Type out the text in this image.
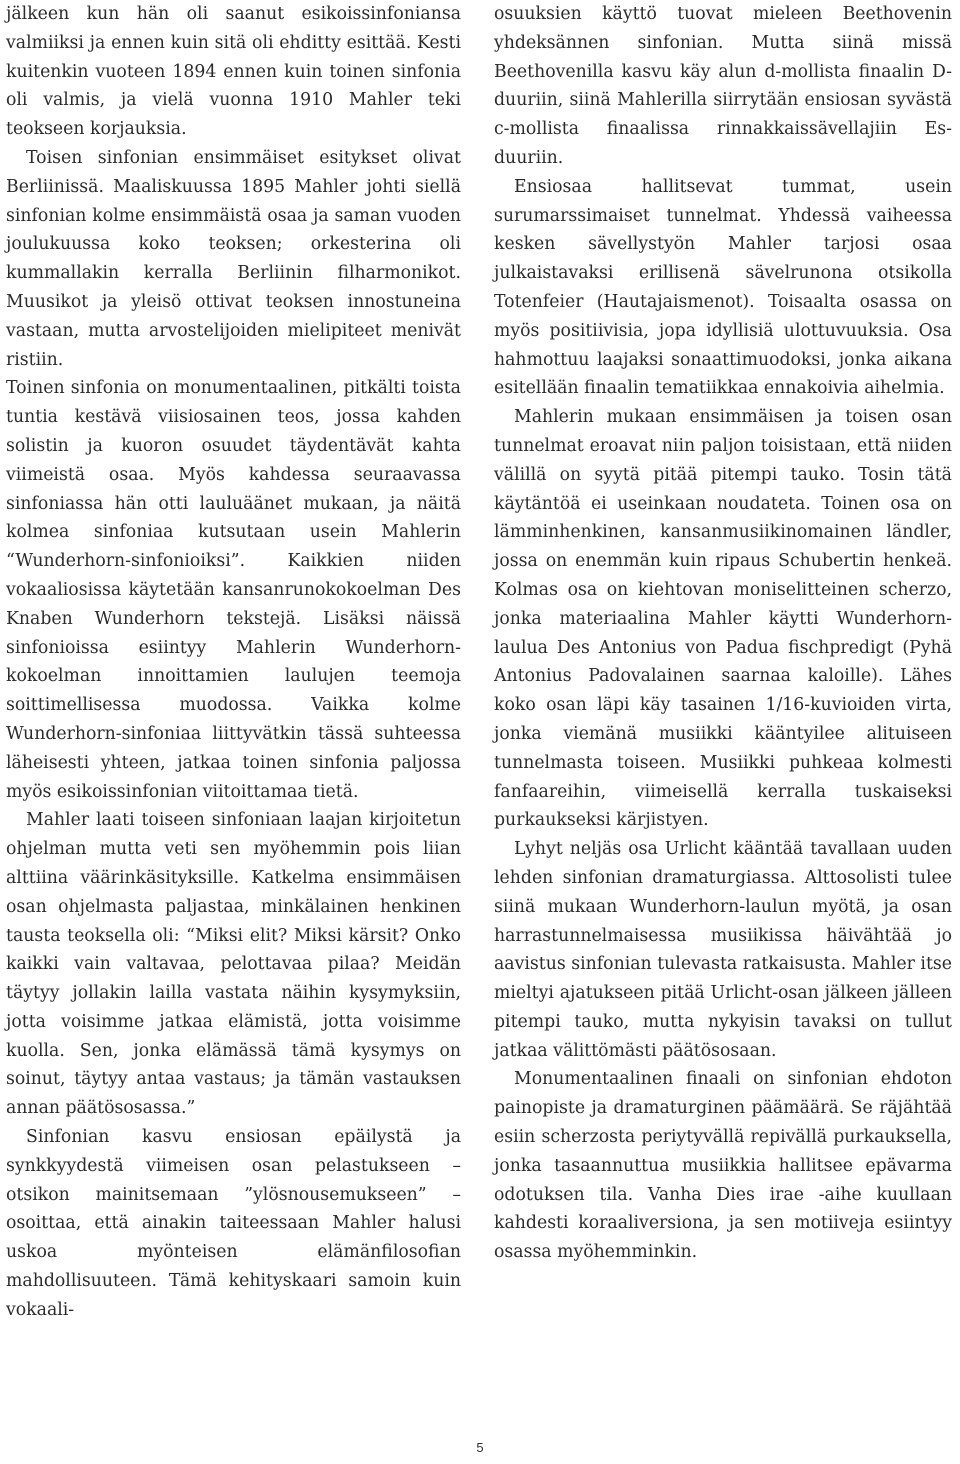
jälkeen kun hän oli saanut esikoissinfoniansa valmiiksi ja ennen kuin sitä oli ehditty esittää. Kesti kuitenkin vuoteen 1894 ennen kuin toinen sinfonia oli valmis, ja vielä vuonna 1910 Mahler teki teokseen korjauksia.

Toisen sinfonian ensimmäiset esitykset olivat Berliinissä. Maaliskuussa 1895 Mahler johti siellä sinfonian kolme ensimmäistä osaa ja saman vuoden joulukuussa koko teoksen; orkesterina oli kummallakin kerralla Berliinin filharmonikot. Muusikot ja yleisö ottivat teoksen innostuneina vastaan, mutta arvostelijoiden mielipiteet menivät ristiin.

Toinen sinfonia on monumentaalinen, pitkälti toista tuntia kestävä viisiosainen teos, jossa kahden solistin ja kuoron osuudet täydentävät kahta viimeistä osaa. Myös kahdessa seuraavassa sinfoniassa hän otti lauluäänet mukaan, ja näitä kolmea sinfoniaa kutsutaan usein Mahlerin “Wunderhorn-sinfonioiksi”. Kaikkien niiden vokaaliosissa käytetään kansanrunokokoelman Des Knaben Wunderhorn tekstejä. Lisäksi näissä sinfonioissa esiintyy Mahlerin Wunderhorn-kokoelman innoittamien laulujen teemoja soittimellisessa muodossa. Vaikka kolme Wunderhorn-sinfoniaa liittyvätkin tässä suhteessa läheisesti yhteen, jatkaa toinen sinfonia paljossa myös esikoissinfonian viitoittamaa tietä.

Mahler laati toiseen sinfoniaan laajan kirjoitetun ohjelman mutta veti sen myöhemmin pois liian alttiina väärinkäsityksille. Katkelma ensimmäisen osan ohjelmasta paljastaa, minkälainen henkinen tausta teoksella oli: “Miksi elit? Miksi kärsit? Onko kaikki vain valtavaa, pelottavaa pilaa? Meidän täytyy jollakin lailla vastata näihin kysymyksiin, jotta voisimme jatkaa elämistä, jotta voisimme kuolla. Sen, jonka elämässä tämä kysymys on soinut, täytyy antaa vastaus; ja tämän vastauksen annan päätösosassa.”

Sinfonian kasvu ensiosan epäilystä ja synkkyydestä viimeisen osan pelastukseen – otsikon mainitsemaan ”ylösnousemukseen” – osoittaa, että ainakin taiteessaan Mahler halusi uskoa myönteisen elämänfilosofian mahdollisuuteen. Tämä kehityskaari samoin kuin vokaali-

osuuksien käyttö tuovat mieleen Beethovenin yhdeksännen sinfonian. Mutta siinä missä Beethovenilla kasvu käy alun d-mollista finaalin D-duuriin, siinä Mahlerilla siirrytään ensiosan syvästä c-mollista finaalissa rinnakkaissävellajiin Es-duuriin.

Ensiosaa hallitsevat tummat, usein surumarssimaiset tunnelmat. Yhdessä vaiheessa kesken sävellystyön Mahler tarjosi osaa julkaistavaksi erillisenä sävelrunona otsikolla Totenfeier (Hautajaismenot). Toisaalta osassa on myös positiivisia, jopa idyllisiä ulottuvuuksia. Osa hahmottuu laajaksi sonaattimuodoksi, jonka aikana esitellään finaalin tematiikkaa ennakoivia aihelmia.

Mahlerin mukaan ensimmäisen ja toisen osan tunnelmat eroavat niin paljon toisistaan, että niiden välillä on syytä pitää pitempi tauko. Tosin tätä käytäntöä ei useinkaan noudateta. Toinen osa on lämminhenkinen, kansanmusiikinomainen ländler, jossa on enemmän kuin ripaus Schubertin henkeä. Kolmas osa on kiehtovan moniselitteinen scherzo, jonka materiaalina Mahler käytti Wunderhorn-laulua Des Antonius von Padua fischpredigt (Pyhä Antonius Padovalainen saarnaa kaloille). Lähes koko osan läpi käy tasainen 1/16-kuvioiden virta, jonka viemänä musiikki kääntyilee alituiseen tunnelmasta toiseen. Musiikki puhkeaa kolmesti fanfaareihin, viimeisellä kerralla tuskaiseksi purkaukseksi kärjistyen.

Lyhyt neljäs osa Urlicht kääntää tavallaan uuden lehden sinfonian dramaturgiassa. Alttosolisti tulee siinä mukaan Wunderhorn-laulun myötä, ja osan harrastunnelmaisessa musiikissa häivähtää jo aavistus sinfonian tulevasta ratkaisusta. Mahler itse mieltyi ajatukseen pitää Urlicht-osan jälkeen jälleen pitempi tauko, mutta nykyisin tavaksi on tullut jatkaa välittömästi päätösosaan.

Monumentaalinen finaali on sinfonian ehdoton painopiste ja dramaturginen päämäärä. Se räjähtää esiin scherzosta periytyvällä repivällä purkauksella, jonka tasaannuttua musiikkia hallitsee epävarma odotuksen tila. Vanha Dies irae -aihe kuullaan kahdesti koraaliversiona, ja sen motiiveja esiintyy osassa myöhemminkin.

5
